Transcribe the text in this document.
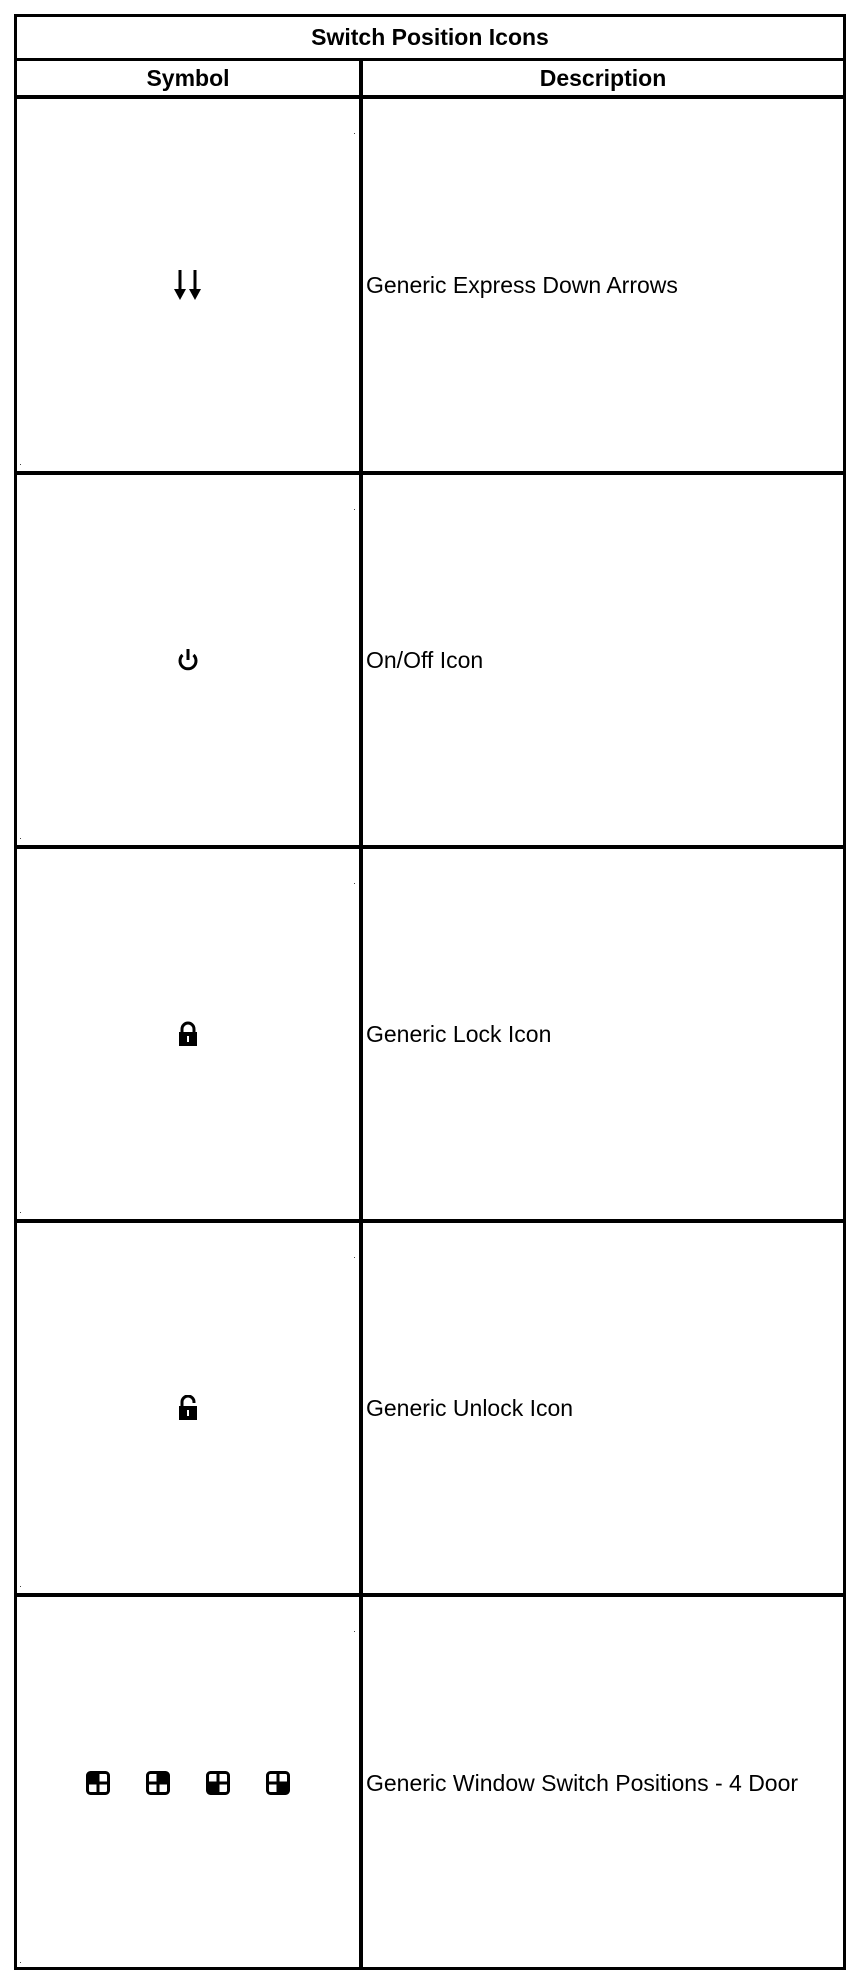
Switch Position Icons
Symbol	Description
Generic Express Down Arrows
On/Off Icon
Generic Lock Icon
Generic Unlock Icon
Generic Window Switch Positions - 4 Door
